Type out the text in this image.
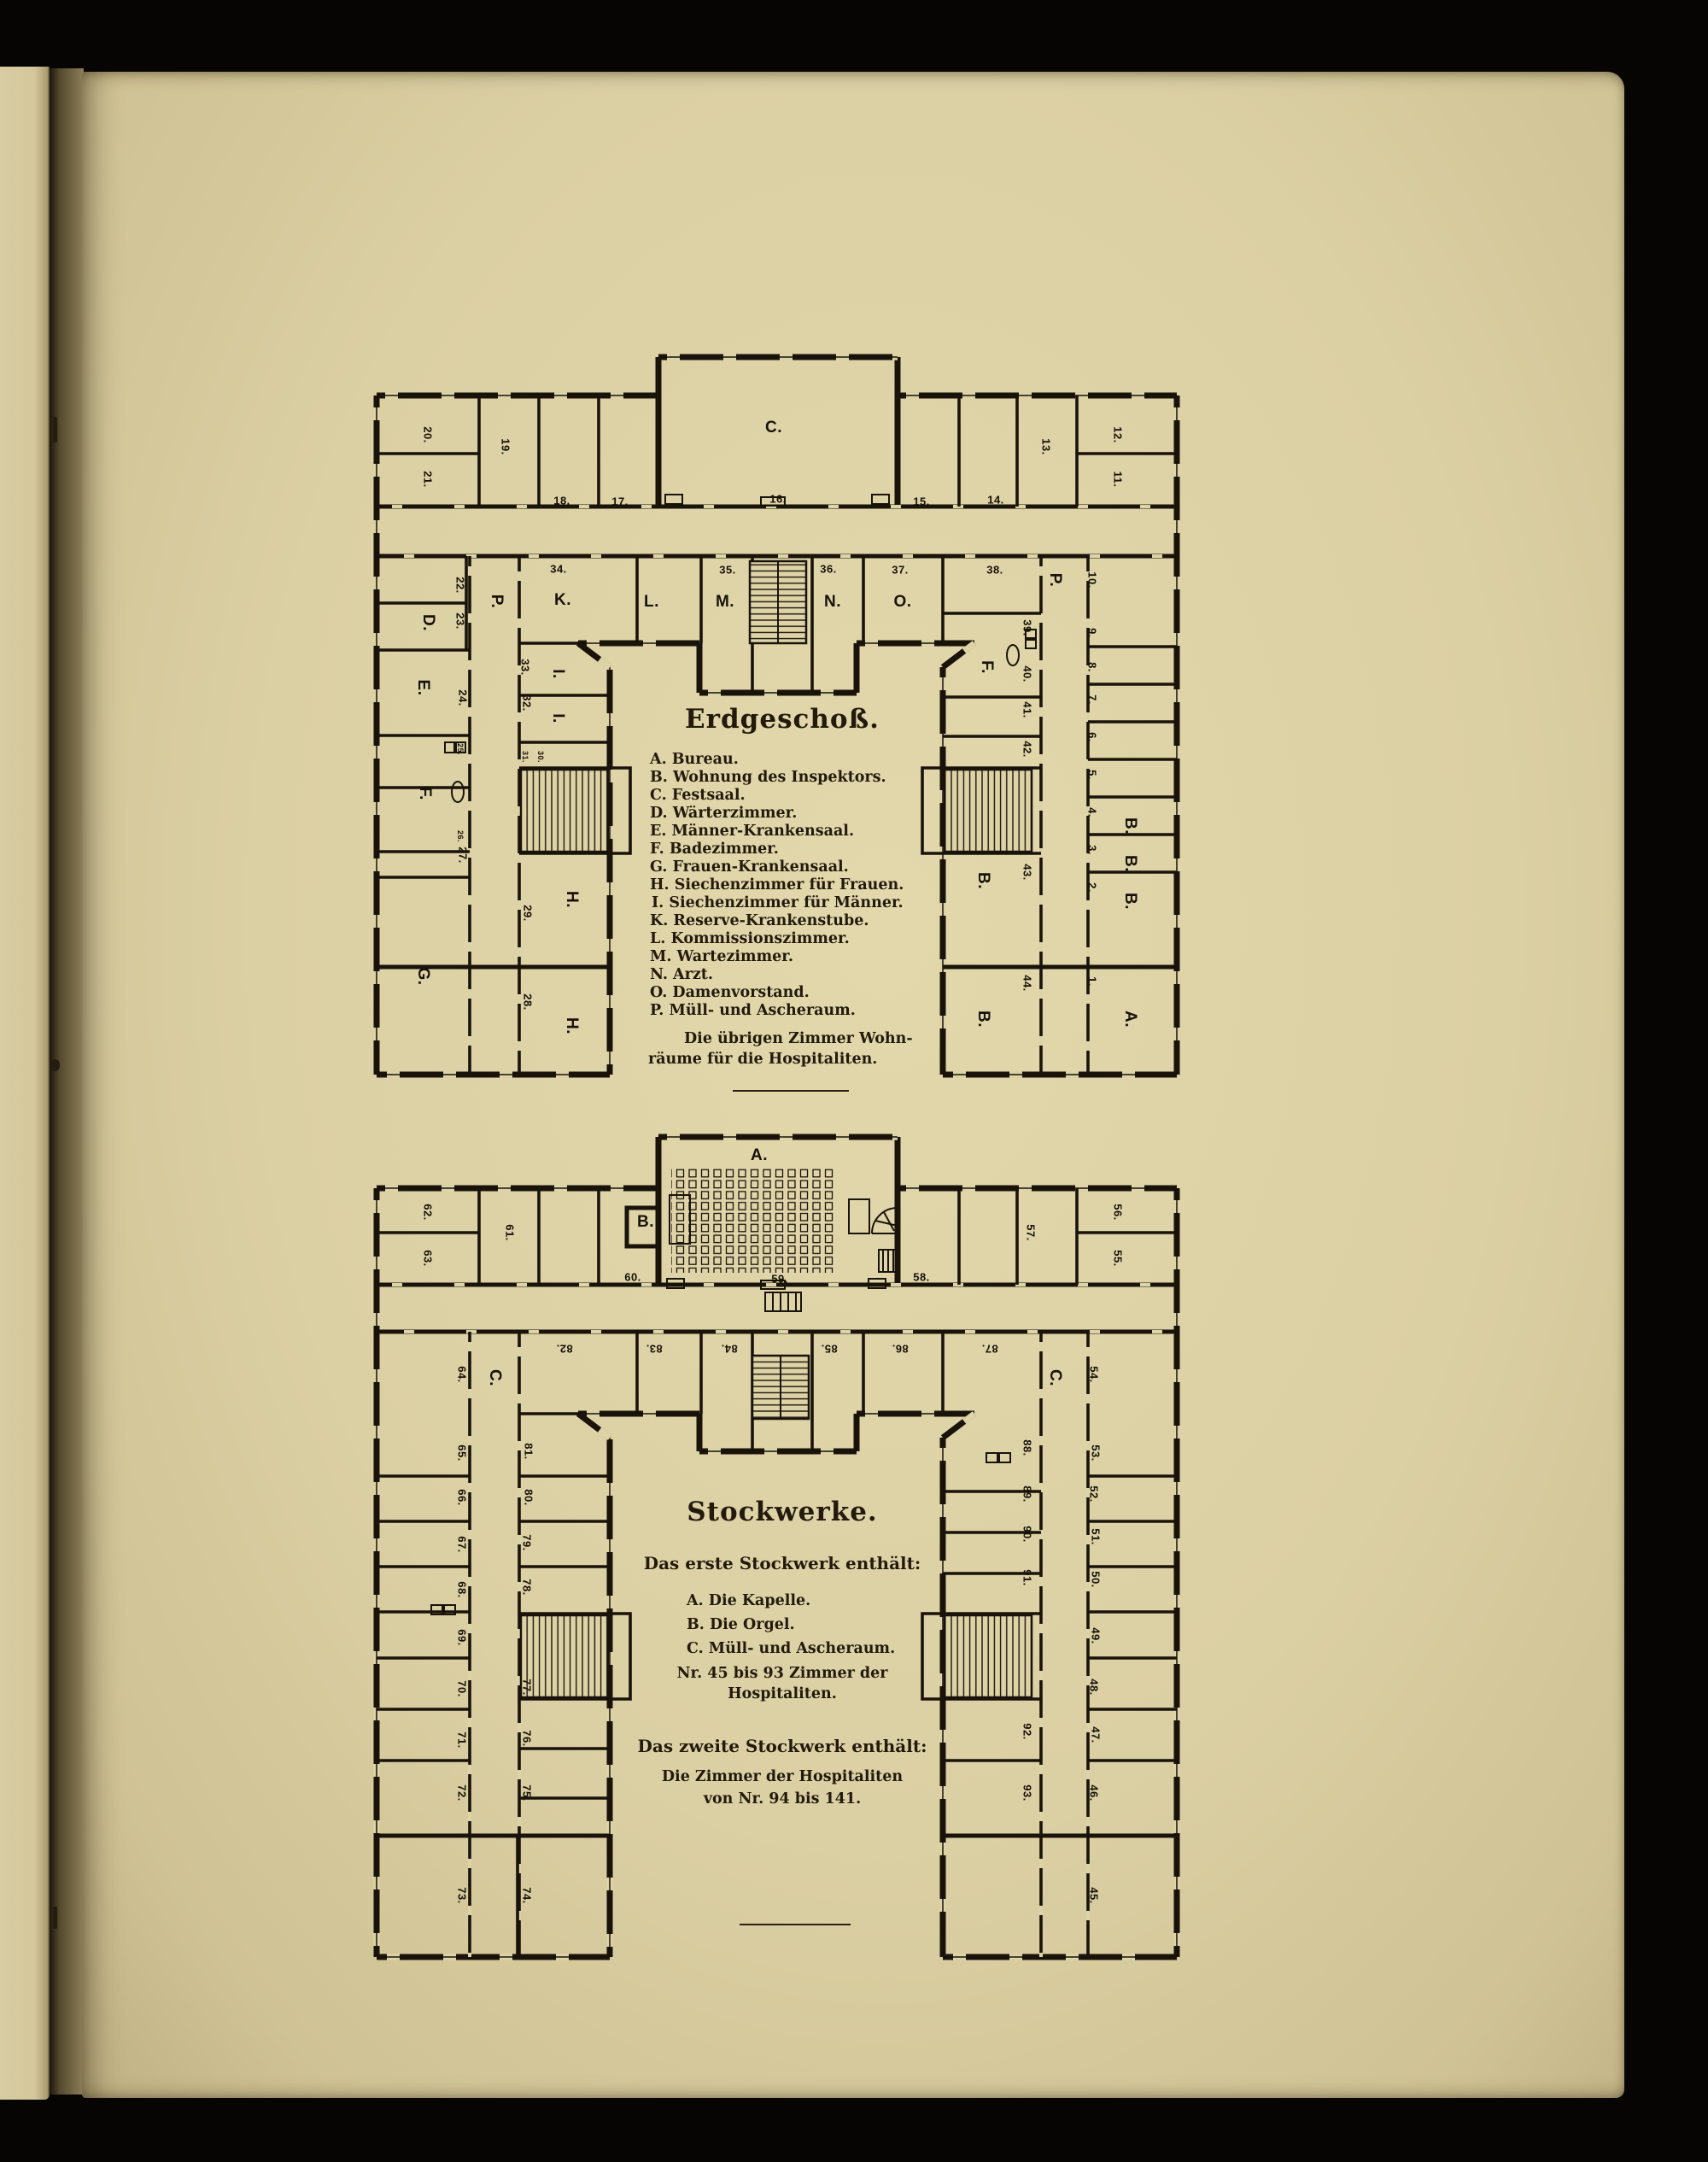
C.
20.
21.
19.
18.	17.	16.	15.	14.
13.
12.
11.
22.
23.
D.
P.
34.
K.
35.
L.	M.
36.
N.
37.
O.
38.
P. 10.
E.
24.
25.
F.
26.
27.
G.
33. I.
32.
I.
31. 30.
29.
H.
28.
H.
39.
F. 40.
9.
41.
8.
42.
7.
6.
5.
B.	43.
4.
B.
3.
B.
2.
B.
44.	1.
B.	A.
A.
B.
62.
63.
61.
60.	59.	58.
57.
56.
55.
64. C.
82.	83.	84.	85.	86.	87.
C. 54.
65.	81.
66.	80.
67.	79.
68.	78.
69.
70.	77.
71.	76.
72.	75.
73.	74.
88.	53.
89.	52.
90.	51.
91.	50.
49.
48.
92.	47.
93.	46.
45.
Erdgeschoß.
A. Bureau.
B. Wohnung des Inspektors.
C. Festsaal.
D. Wärterzimmer.
E. Männer-Krankensaal.
F. Badezimmer.
G. Frauen-Krankensaal.
H. Siechenzimmer für Frauen.
I. Siechenzimmer für Männer.
K. Reserve-Krankenstube.
L. Kommissionszimmer.
M. Wartezimmer.
N. Arzt.
O. Damenvorstand.
P. Müll- und Ascheraum.
Die übrigen Zimmer Wohn-
räume für die Hospitaliten.
Stockwerke.
Das erste Stockwerk enthält:
A. Die Kapelle.
B. Die Orgel.
C. Müll- und Ascheraum.
Nr. 45 bis 93 Zimmer der
Hospitaliten.
Das zweite Stockwerk enthält:
Die Zimmer der Hospitaliten
von Nr. 94 bis 141.
